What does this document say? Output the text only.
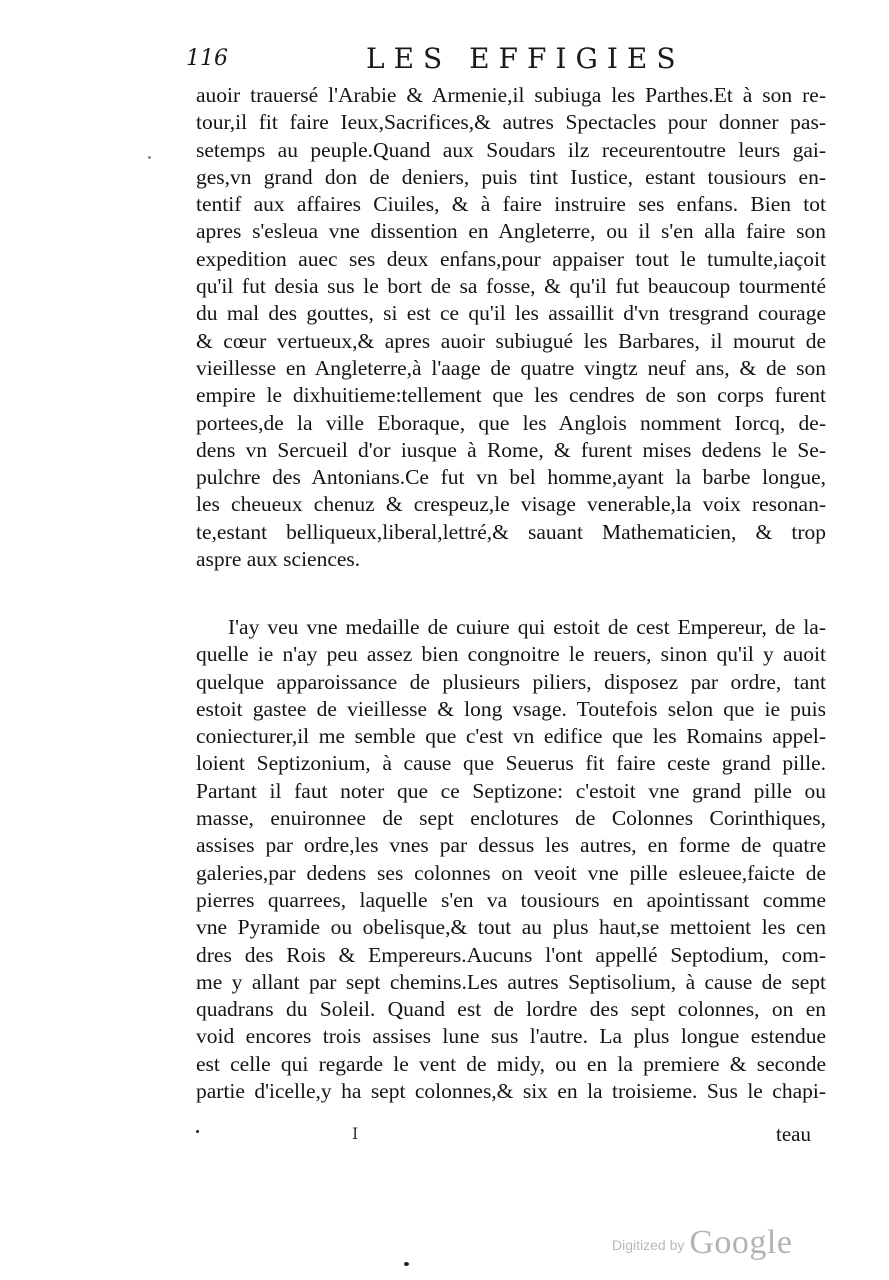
116	LES EFFIGIES
auoir trauersé l'Arabie & Armenie,il subiuga les Parthes.Et à son re-
tour,il fit faire Ieux,Sacrifices,& autres Spectacles pour donner pas-
setemps au peuple.Quand aux Soudars ilz receurentoutre leurs gai-
ges,vn grand don de deniers, puis tint Iustice, estant tousiours en-
tentif aux affaires Ciuiles, & à faire instruire ses enfans. Bien tot
apres s'esleua vne dissention en Angleterre, ou il s'en alla faire son
expedition auec ses deux enfans,pour appaiser tout le tumulte,iaçoit
qu'il fut desia sus le bort de sa fosse, & qu'il fut beaucoup tourmenté
du mal des gouttes, si est ce qu'il les assaillit d'vn tresgrand courage
& cœur vertueux,& apres auoir subiugué les Barbares, il mourut de
vieillesse en Angleterre,à l'aage de quatre vingtz neuf ans, & de son
empire le dixhuitieme:tellement que les cendres de son corps furent
portees,de la ville Eboraque, que les Anglois nomment Iorcq, de-
dens vn Sercueil d'or iusque à Rome, & furent mises dedens le Se-
pulchre des Antonians.Ce fut vn bel homme,ayant la barbe longue,
les cheueux chenuz & crespeuz,le visage venerable,la voix resonan-
te,estant belliqueux,liberal,lettré,& sauant Mathematicien, & trop
aspre aux sciences.
I'ay veu vne medaille de cuiure qui estoit de cest Empereur, de la-
quelle ie n'ay peu assez bien congnoitre le reuers, sinon qu'il y auoit
quelque apparoissance de plusieurs piliers, disposez par ordre, tant
estoit gastee de vieillesse & long vsage. Toutefois selon que ie puis
coniecturer,il me semble que c'est vn edifice que les Romains appel-
loient Septizonium, à cause que Seuerus fit faire ceste grand pille.
Partant il faut noter que ce Septizone: c'estoit vne grand pille ou
masse, enuironnee de sept enclotures de Colonnes Corinthiques,
assises par ordre,les vnes par dessus les autres, en forme de quatre
galeries,par dedens ses colonnes on veoit vne pille esleuee,faicte de
pierres quarrees, laquelle s'en va tousiours en apointissant comme
vne Pyramide ou obelisque,& tout au plus haut,se mettoient les cen
dres des Rois & Empereurs.Aucuns l'ont appellé Septodium, com-
me y allant par sept chemins.Les autres Septisolium, à cause de sept
quadrans du Soleil. Quand est de lordre des sept colonnes, on en
void encores trois assises lune sus l'autre. La plus longue estendue
est celle qui regarde le vent de midy, ou en la premiere & seconde
partie d'icelle,y ha sept colonnes,& six en la troisieme. Sus le chapi-
I	teau
Digitized by Google
